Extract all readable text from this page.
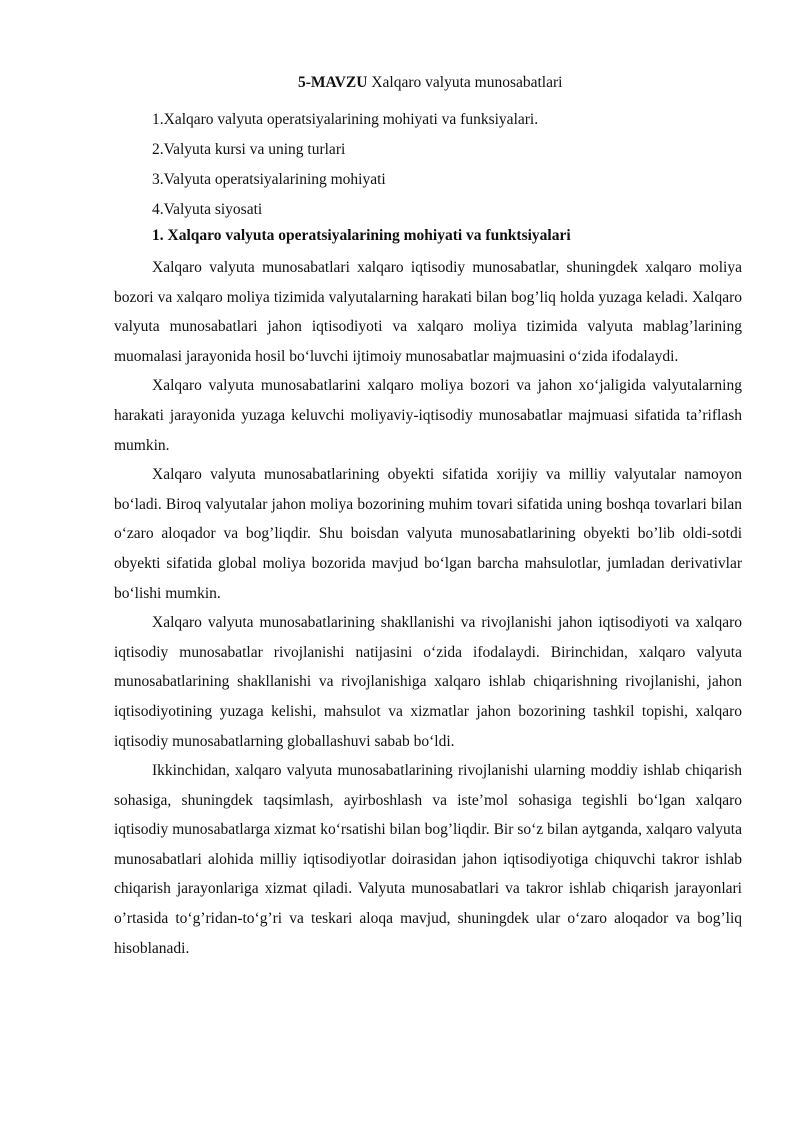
5-MAVZU Xalqaro valyuta munosabatlari
1.Xalqaro valyuta operatsiyalarining mohiyati va funksiyalari.
2.Valyuta kursi va uning turlari
3.Valyuta operatsiyalarining mohiyati
4.Valyuta siyosati
1. Xalqaro valyuta operatsiyalarining mohiyati va funktsiyalari

Xalqaro valyuta munosabatlari xalqaro iqtisodiy munosabatlar, shuningdek xalqaro moliya bozori va xalqaro moliya tizimida valyutalarning harakati bilan bog’liq holda yuzaga keladi. Xalqaro valyuta munosabatlari jahon iqtisodiyoti va xalqaro moliya tizimida valyuta mablag’larining muomalasi jarayonida hosil bo‘luvchi ijtimoiy munosabatlar majmuasini o‘zida ifodalaydi.

Xalqaro valyuta munosabatlarini xalqaro moliya bozori va jahon xo‘jaligida valyutalarning harakati jarayonida yuzaga keluvchi moliyaviy-iqtisodiy munosabatlar majmuasi sifatida ta’riflash mumkin.

Xalqaro valyuta munosabatlarining obyekti sifatida xorijiy va milliy valyutalar namoyon bo‘ladi. Biroq valyutalar jahon moliya bozorining muhim tovari sifatida uning boshqa tovarlari bilan o‘zaro aloqador va bog’liqdir. Shu boisdan valyuta munosabatlarining obyekti bo’lib oldi-sotdi obyekti sifatida global moliya bozorida mavjud bo‘lgan barcha mahsulotlar, jumladan derivativlar bo‘lishi mumkin.

Xalqaro valyuta munosabatlarining shakllanishi va rivojlanishi jahon iqtisodiyoti va xalqaro iqtisodiy munosabatlar rivojlanishi natijasini o‘zida ifodalaydi. Birinchidan, xalqaro valyuta munosabatlarining shakllanishi va rivojlanishiga xalqaro ishlab chiqarishning rivojlanishi, jahon iqtisodiyotining yuzaga kelishi, mahsulot va xizmatlar jahon bozorining tashkil topishi, xalqaro iqtisodiy munosabatlarning globallashuvi sabab bo‘ldi.

Ikkinchidan, xalqaro valyuta munosabatlarining rivojlanishi ularning moddiy ishlab chiqarish sohasiga, shuningdek taqsimlash, ayirboshlash va iste’mol sohasiga tegishli bo‘lgan xalqaro iqtisodiy munosabatlarga xizmat ko‘rsatishi bilan bog’liqdir. Bir so‘z bilan aytganda, xalqaro valyuta munosabatlari alohida milliy iqtisodiyotlar doirasidan jahon iqtisodiyotiga chiquvchi takror ishlab chiqarish jarayonlariga xizmat qiladi. Valyuta munosabatlari va takror ishlab chiqarish jarayonlari o’rtasida to‘g’ridan-to‘g’ri va teskari aloqa mavjud, shuningdek ular o‘zaro aloqador va bog’liq hisoblanadi.
